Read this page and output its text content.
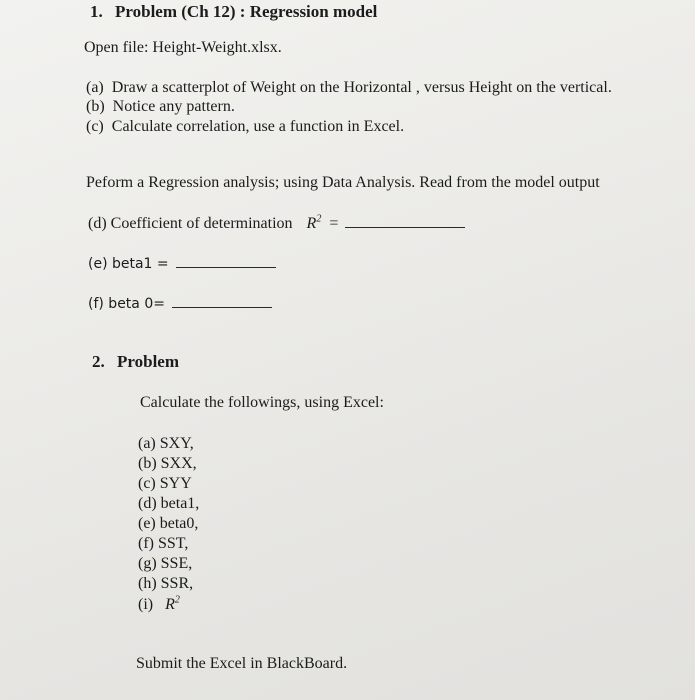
1. Problem (Ch 12) : Regression model
Open file: Height-Weight.xlsx.
(a) Draw a scatterplot of Weight on the Horizontal , versus Height on the vertical.
(b) Notice any pattern.
(c) Calculate correlation, use a function in Excel.
Peform a Regression analysis; using Data Analysis. Read from the model output
(d) Coefficient of determination $R^2$ =
(e) beta1 =
(f) beta 0=
2. Problem
Calculate the followings, using Excel:
(a) SXY,
(b) SXX,
(c) SYY
(d) beta1,
(e) beta0,
(f) SST,
(g) SSE,
(h) SSR,
(i) $R^2$
Submit the Excel in BlackBoard.
